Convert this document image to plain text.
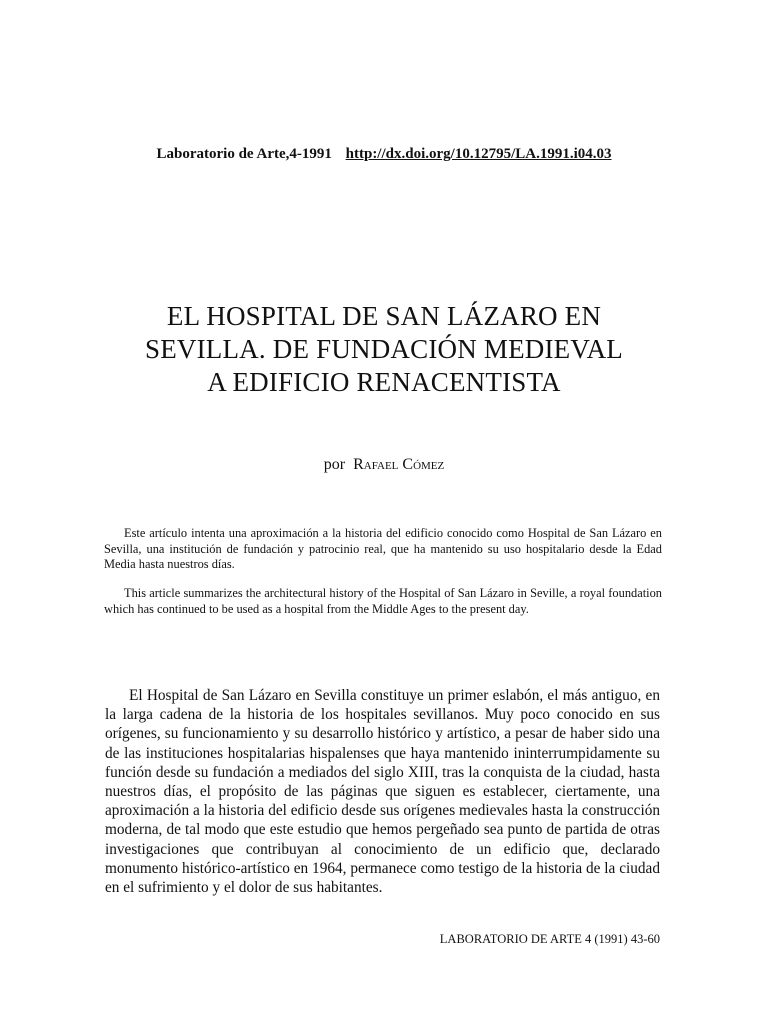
Laboratorio de Arte,4-1991 http://dx.doi.org/10.12795/LA.1991.i04.03
EL HOSPITAL DE SAN LÁZARO EN
SEVILLA. DE FUNDACIÓN MEDIEVAL
A EDIFICIO RENACENTISTA
por Rafael Cómez

Este artículo intenta una aproximación a la historia del edificio conocido como Hospital de San Lázaro en Sevilla, una institución de fundación y patrocinio real, que ha mantenido su uso hospitalario desde la Edad Media hasta nuestros días.

This article summarizes the architectural history of the Hospital of San Lázaro in Seville, a royal foundation which has continued to be used as a hospital from the Middle Ages to the present day.

El Hospital de San Lázaro en Sevilla constituye un primer eslabón, el más antiguo, en la larga cadena de la historia de los hospitales sevillanos. Muy poco conocido en sus orígenes, su funcionamiento y su desarrollo histórico y artístico, a pesar de haber sido una de las instituciones hospitalarias hispalenses que haya mantenido ininterrumpidamente su función desde su fundación a mediados del siglo XIII, tras la conquista de la ciudad, hasta nuestros días, el propósito de las páginas que siguen es establecer, ciertamente, una aproximación a la historia del edificio desde sus orígenes medievales hasta la construcción moderna, de tal modo que este estudio que hemos pergeñado sea punto de partida de otras investigaciones que contribuyan al conocimiento de un edificio que, declarado monumento histórico-artístico en 1964, permanece como testigo de la historia de la ciudad en el sufrimiento y el dolor de sus habitantes.

LABORATORIO DE ARTE 4 (1991) 43-60
